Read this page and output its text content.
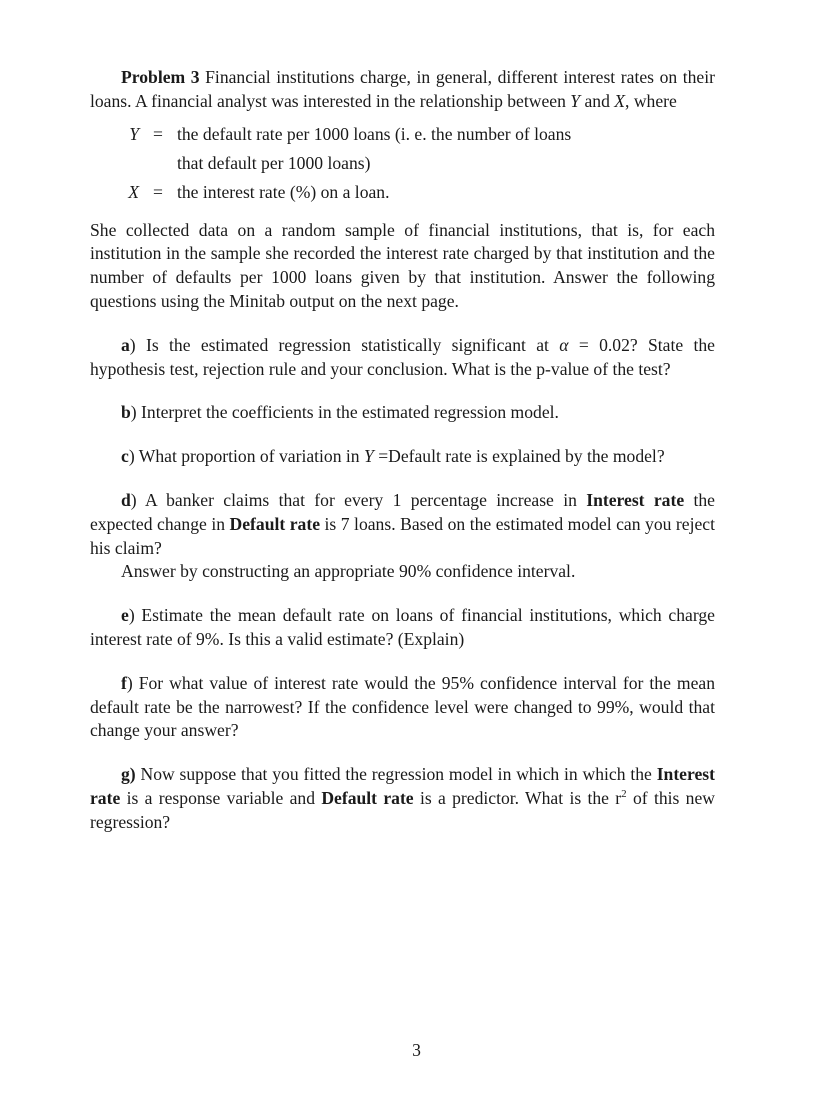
Problem 3 Financial institutions charge, in general, different interest rates on their loans. A financial analyst was interested in the relationship between Y and X, where

Y = the default rate per 1000 loans (i. e. the number of loans
that default per 1000 loans)
X = the interest rate (%) on a loan.

She collected data on a random sample of financial institutions, that is, for each institution in the sample she recorded the interest rate charged by that institution and the number of defaults per 1000 loans given by that institution. Answer the following questions using the Minitab output on the next page.

a) Is the estimated regression statistically significant at α = 0.02? State the hypothesis test, rejection rule and your conclusion. What is the p-value of the test?

b) Interpret the coefficients in the estimated regression model.

c) What proportion of variation in Y =Default rate is explained by the model?

d) A banker claims that for every 1 percentage increase in Interest rate the expected change in Default rate is 7 loans. Based on the estimated model can you reject his claim?

Answer by constructing an appropriate 90% confidence interval.

e) Estimate the mean default rate on loans of financial institutions, which charge interest rate of 9%. Is this a valid estimate? (Explain)

f) For what value of interest rate would the 95% confidence interval for the mean default rate be the narrowest? If the confidence level were changed to 99%, would that change your answer?

g) Now suppose that you fitted the regression model in which in which the Interest rate is a response variable and Default rate is a predictor. What is the $r^2$ of this new regression?

3
